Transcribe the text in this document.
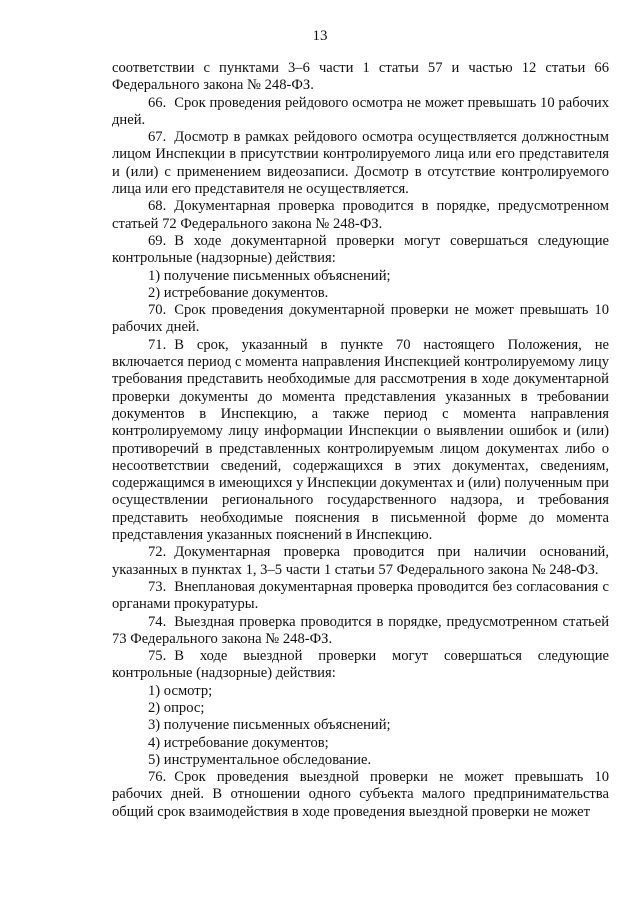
13

соответствии с пунктами 3–6 части 1 статьи 57 и частью 12 статьи 66 Федерального закона № 248-ФЗ.

66. Срок проведения рейдового осмотра не может превышать 10 рабочих дней.

67. Досмотр в рамках рейдового осмотра осуществляется должностным лицом Инспекции в присутствии контролируемого лица или его представителя и (или) с применением видеозаписи. Досмотр в отсутствие контролируемого лица или его представителя не осуществляется.

68. Документарная проверка проводится в порядке, предусмотренном статьей 72 Федерального закона № 248-ФЗ.

69. В ходе документарной проверки могут совершаться следующие контрольные (надзорные) действия:

1) получение письменных объяснений;

2) истребование документов.

70. Срок проведения документарной проверки не может превышать 10 рабочих дней.

71. В срок, указанный в пункте 70 настоящего Положения, не включается период с момента направления Инспекцией контролируемому лицу требования представить необходимые для рассмотрения в ходе документарной проверки документы до момента представления указанных в требовании документов в Инспекцию, а также период с момента направления контролируемому лицу информации Инспекции о выявлении ошибок и (или) противоречий в представленных контролируемым лицом документах либо о несоответствии сведений, содержащихся в этих документах, сведениям, содержащимся в имеющихся у Инспекции документах и (или) полученным при осуществлении регионального государственного надзора, и требования представить необходимые пояснения в письменной форме до момента представления указанных пояснений в Инспекцию.

72. Документарная проверка проводится при наличии оснований, указанных в пунктах 1, 3–5 части 1 статьи 57 Федерального закона № 248-ФЗ.

73. Внеплановая документарная проверка проводится без согласования с органами прокуратуры.

74. Выездная проверка проводится в порядке, предусмотренном статьей 73 Федерального закона № 248-ФЗ.

75. В ходе выездной проверки могут совершаться следующие контрольные (надзорные) действия:

1) осмотр;

2) опрос;

3) получение письменных объяснений;

4) истребование документов;

5) инструментальное обследование.

76. Срок проведения выездной проверки не может превышать 10 рабочих дней. В отношении одного субъекта малого предпринимательства общий срок взаимодействия в ходе проведения выездной проверки не может
